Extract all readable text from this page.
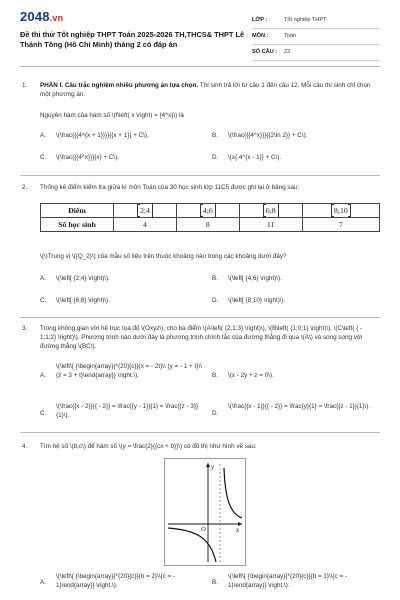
2048.vn
Đề thi thử Tốt nghiệp THPT Toán 2025-2026 TH,THCS& THPT Lê Thánh Tông (Hồ Chí Minh) tháng 2 có đáp án
LỚP :	Tốt nghiệp THPT
MÔN :	Toán
SỐ CÂU : 22
1. PHẦN I. Câu trắc nghiệm nhiều phương án lựa chọn. Thí sinh trả lời từ câu 1 đến câu 12. Mỗi câu thí sinh chỉ chọn một phương án.
Nguyên hàm của hàm số \(f\left( x \right) = {4^x}\) là
A. \(\frac{{{4^{x + 1}}}}{{x + 1}} + C\).	B. \(\frac{{{4^x}}}{{2\ln 2}} + C\).
C. \(\frac{{{4^x}}}{x} + C\).	D. \(x{.4^{x - 1}} + C\).
2. Thống kê điểm kiểm tra giữa kì môn Toán của 30 học sinh lớp 11C5 được ghi lại ở bảng sau:
Điểm	2;4	4;6	6;8	8;10
Số học sinh	4	8	11	7
\(\)Trung vị \({Q_2}\) của mẫu số liệu trên thuộc khoảng nào trong các khoảng dưới đây?
A. \(\left[ {2;4} \right)\).	B. \(\left[ {4;6} \right)\).
C. \(\left[ {6;8} \right)\).	D. \(\left[ {8;10} \right)\).
3. Trong không gian với hệ trục tọa độ \(Oxyz\), cho ba điểm \(A\left( {2;1;3} \right)\), \(B\left( {1;0;1} \right)\), \(C\left( { - 1;1;2} \right)\). Phương trình nào dưới đây là phương trình chính tắc của đường thẳng đi qua \(A\) và song song với đường thẳng \(BC\).
A.
\(\left\{ {\begin{array}{*{20}{c}}{x = - 2t}\\ {y = - 1 + t}\\{z = 3 + t}\end{array}} \right.\).	B. \(x - 2y + z = 0\).
C.
\(\frac{{x - 2}}{{ - 2}} = \frac{{y - 1}}{1} = \frac{{z - 3}}{1}\).	D.
\(\frac{{x - 1}}{{ - 2}} = \frac{y}{1} = \frac{{z - 1}}{1}\).
4. Tìm hệ số \(b,c\) để hàm số \(y = \frac{2}{{cx + b}}\) có đồ thị như hình vẽ sau:
y
x
O
A.
\(\left\{ {\begin{array}{*{20}{c}}{b = 2}\\{c = - 1}\end{array}} \right.\).	B.
\(\left\{ {\begin{array}{*{20}{c}}{b = 1}\\{c = - 1}\end{array}} \right.\).
